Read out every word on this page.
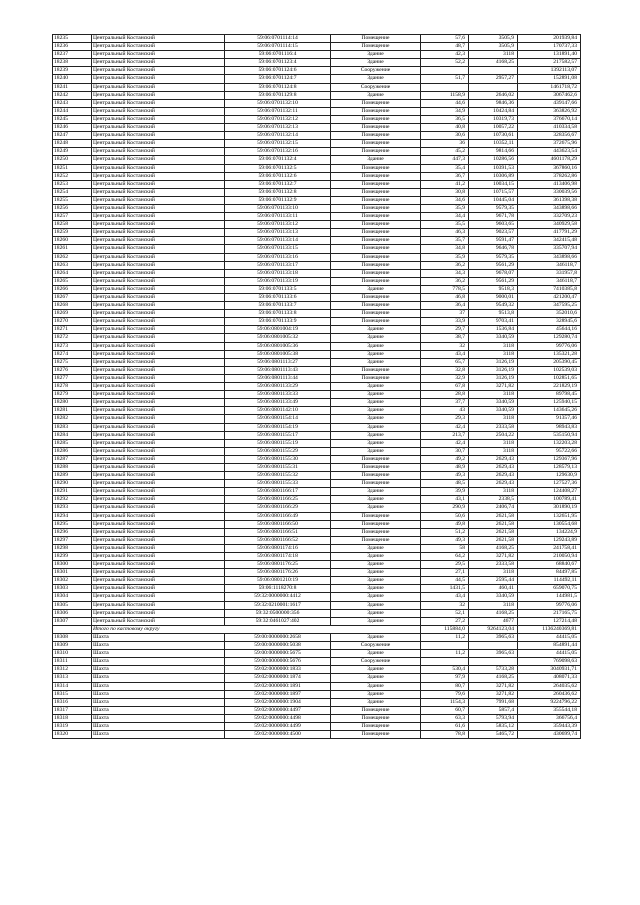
18235	Центральный Костанский	59:06:0701114:14	Помещение	57,6	3505,9	201939,84
18236	Центральный Костанский	59:06:0701114:15	Помещение	48,7	3505,9	170737,33
18237	Центральный Костанский	59:06:0701116:4	Здание	42,3	3118	131891,40
18238	Центральный Костанский	59:06:0701123:4	Здание	52,2	4168,25	217582,57
18239	Центральный Костанский	59:06:0701124:6	Сооружение			1392113,07
18240	Центральный Костанский	59:06:0701124:7	Здание	51,7	2957,27	152891,08
18241	Центральный Костанский	59:06:0701124:8	Сооружение			1461718,72
18242	Центральный Костанский	59:06:0701129:8	Здание	1158,9	2646,02	3067462,6
18243	Центральный Костанский	59:06:0701132:10	Помещение	44,6	9846,36	439147,66
18244	Центральный Костанский	59:06:0701132:11	Помещение	34,9	10424,84	363826,92
18245	Центральный Костанский	59:06:0701132:12	Помещение	36,5	10319,73	376670,14
18246	Центральный Костанский	59:06:0701132:13	Помещение	40,8	10057,22	410334,58
18247	Центральный Костанский	59:06:0701132:14	Помещение	30,6	10730,61	328356,67
18248	Центральный Костанский	59:06:0701132:15	Помещение	36	10352,11	372675,96
18249	Центральный Костанский	59:06:0701132:16	Помещение	45,2	9814,66	443623,54
18250	Центральный Костанский	59:06:0701132:4	Здание	447,3	10286,56	4601178,29
18251	Центральный Костанский	59:06:0701132:5	Помещение	35,4	10391,53	367860,16
18252	Центральный Костанский	59:06:0701132:6	Помещение	36,7	10306,89	378262,86
18253	Центральный Костанский	59:06:0701132:7	Помещение	41,2	10034,15	413406,98
18254	Центральный Костанский	59:06:0701132:8	Помещение	30,8	10715,57	330039,56
18255	Центральный Костанский	59:06:0701132:9	Помещение	34,6	10445,04	361398,38
18256	Центральный Костанский	59:06:0701133:10	Помещение	35,9	9579,35	343898,66
18257	Центральный Костанский	59:06:0701133:11	Помещение	34,4	9671,78	332709,23
18258	Центральный Костанский	59:06:0701133:12	Помещение	35,5	9603,65	340929,58
18259	Центральный Костанский	59:06:0701133:13	Помещение	46,3	9023,57	417791,29
18260	Центральный Костанский	59:06:0701133:14	Помещение	35,7	9591,47	342415,48
18261	Центральный Костанский	59:06:0701133:15	Помещение	34,8	9646,78	335707,94
18262	Центральный Костанский	59:06:0701133:16	Помещение	35,9	9579,35	343898,66
18263	Центральный Костанский	59:06:0701133:17	Помещение	36,2	9561,29	346118,7
18264	Центральный Костанский	59:06:0701133:18	Помещение	34,3	9678,07	331957,8
18265	Центральный Костанский	59:06:0701133:19	Помещение	36,2	9561,29	346118,7
18266	Центральный Костанский	59:06:0701133:5	Здание	778,5	9518,3	7410385,8
18267	Центральный Костанский	59:06:0701133:6	Помещение	46,8	9000,01	421200,47
18268	Центральный Костанский	59:06:0701133:7	Помещение	36,4	9549,32	347595,25
18269	Центральный Костанский	59:06:0701133:8	Помещение	37	9513,8	352010,6
18270	Центральный Костанский	59:06:0701133:9	Помещение	33,9	9703,41	328945,6
18271	Центральный Костанский	59:06:0801004:19	Здание	29,7	1536,84	45644,16
18272	Центральный Костанский	59:06:0801005:32	Здание	38,7	3340,59	129280,74
18273	Центральный Костанский	59:06:0801005:36	Здание	32	3118	99776,06
18274	Центральный Костанский	59:06:0801005:38	Здание	43,4	3118	135321,28
18275	Центральный Костанский	59:06:0801113:27	Здание	65,7	3126,19	205390,45
18276	Центральный Костанский	59:06:0801113:43	Помещение	32,8	3126,19	102539,03
18277	Центральный Костанский	59:06:0801113:44	Помещение	32,9	3126,19	102851,65
18278	Центральный Костанский	59:06:0801133:29	Здание	67,8	3271,82	221829,19
18279	Центральный Костанский	59:06:0801133:33	Здание	28,8	3118	89798,45
18280	Центральный Костанский	59:06:0801133:49	Здание	37,7	3340,59	125940,15
18281	Центральный Костанский	59:06:0801142:10	Здание	43	3340,59	143645,26
18282	Центральный Костанский	59:06:0801154:14	Здание	29,3	3118	91357,46
18283	Центральный Костанский	59:06:0801154:19	Здание	42,4	2333,58	98943,83
18284	Центральный Костанский	59:06:0801155:17	Здание	213,7	2504,22	535150,94
18285	Центральный Костанский	59:06:0801155:19	Здание	42,4	3118	132203,28
18286	Центральный Костанский	59:06:0801155:29	Здание	30,7	3118	95722,66
18287	Центральный Костанский	59:06:0801155:30	Помещение	49,2	2629,43	129367,96
18288	Центральный Костанский	59:06:0801155:31	Помещение	48,9	2629,43	128579,13
18289	Центральный Костанский	59:06:0801155:32	Помещение	49,3	2629,43	129630,9
18290	Центральный Костанский	59:06:0801155:33	Помещение	48,5	2629,43	127527,36
18291	Центральный Костанский	59:06:0801166:17	Здание	39,9	3118	124408,27
18292	Центральный Костанский	59:06:0801166:25	Здание	43,1	2338,5	100789,41
18293	Центральный Костанский	59:06:0801166:29	Здание	290,9	2406,74	301890,19
18294	Центральный Костанский	59:06:0801166:49	Помещение	50,6	2621,58	132651,95
18295	Центральный Костанский	59:06:0801166:50	Помещение	49,8	2621,58	130554,68
18296	Центральный Костанский	59:06:0801166:51	Помещение	51,2	2621,58	134224,9
18297	Центральный Костанский	59:06:0801166:52	Помещение	49,3	2621,58	129243,89
18298	Центральный Костанский	59:06:0801174:16	Здание	58	4168,25	241758,41
18299	Центральный Костанский	59:06:0801174:18	Здание	64,2	3271,82	210050,94
18300	Центральный Костанский	59:06:0801176:25	Здание	29,5	2333,58	68840,67
18301	Центральный Костанский	59:06:0801176:26	Здание	27,1	3118	84497,85
18302	Центральный Костанский	59:06:0801210:19	Здание	44,5	2595,44	114492,11
18303	Центральный Костанский	59:06:1118270:8	Здание	1431,5	460,41	659070,75
18304	Центральный Костанский	59:32:0000000:4412	Здание	43,4	3340,59	144981,5
18305	Центральный Костанский	59:32:0210001:1617	Здание	32	3118	99776,06
18306	Центральный Костанский	59:32:0500000:356	Здание	52,1	4168,25	217165,75
18307	Центральный Костанский	59:32:0461027:402	Здание	27,2	4677	127214,48
	Итого по кастовому округу			115884,0	9264123,04	1136240369,81
18308	Шахта	59:00:0000000:2658	Здание	11,2	3965,63	44415,05
18309	Шахта	59:00:0000000:5038	Сооружение			854891,44
18310	Шахта	59:00:0000000:5675	Здание	11,2	3965,63	44415,05
18311	Шахта	59:00:0000000:5676	Сооружение			769098,63
18312	Шахта	59:02:0000000:1833	Здание	530,4	5733,28	3040931,71
18313	Шахта	59:02:0000000:1874	Здание	97,9	4168,25	408071,33
18314	Шахта	59:02:0000000:1891	Здание	80,7	3271,82	264035,62
18315	Шахта	59:02:0000000:1897	Здание	79,6	3271,82	260436,62
18316	Шахта	59:02:0000000:1904	Здание	1154,3	7991,68	9224796,22
18317	Шахта	59:02:0000000:4497	Помещение	60,7	5857,4	355544,18
18318	Шахта	59:02:0000000:4498	Помещение	63,3	5793,94	366756,4
18319	Шахта	59:02:0000000:4499	Помещение	61,6	5835,12	359443,39
18320	Шахта	59:02:0000000:4500	Помещение	78,8	5465,72	430699,74
